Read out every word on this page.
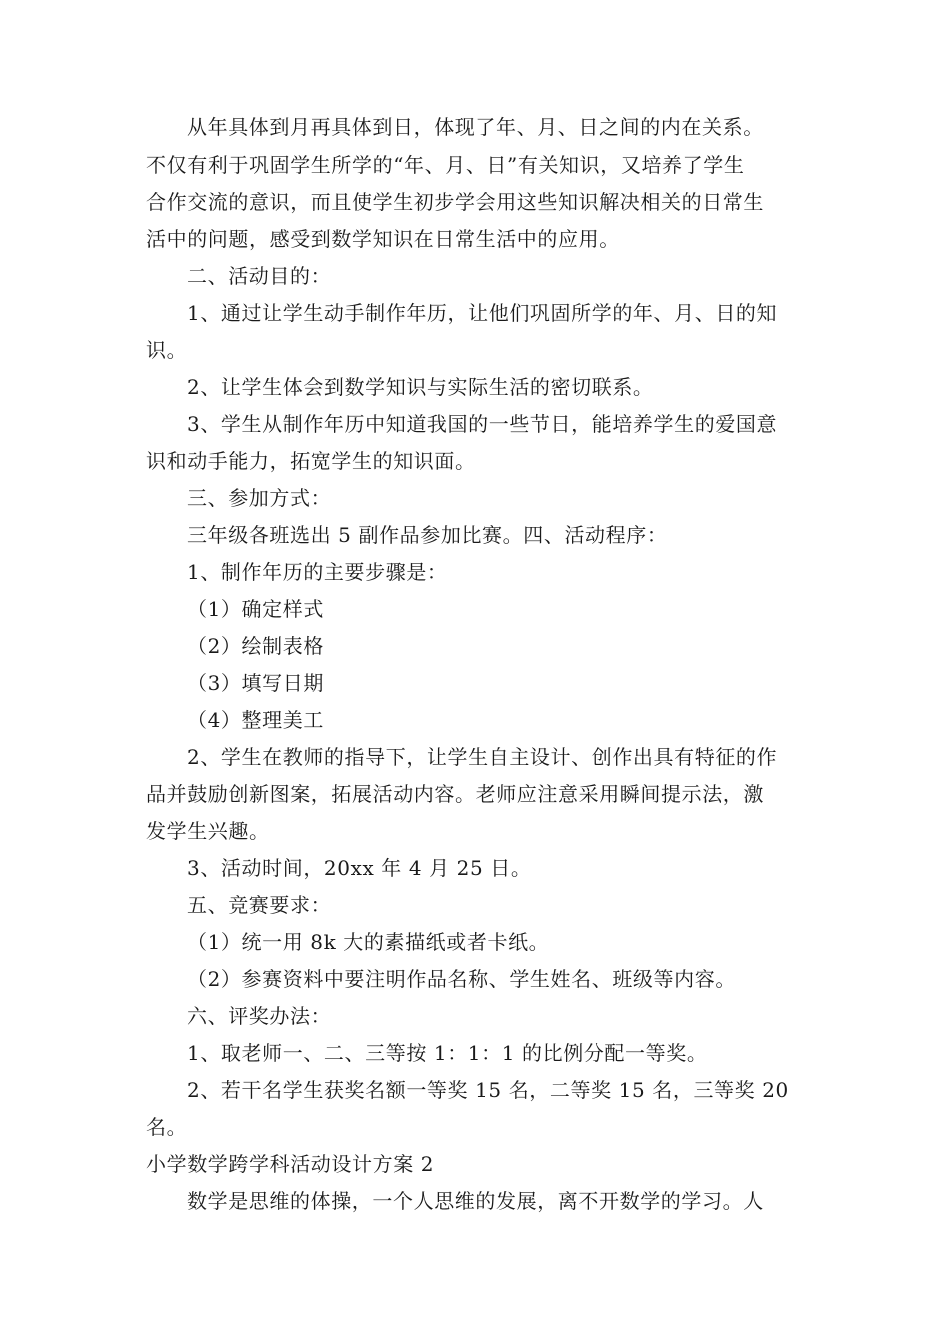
从年具体到月再具体到日，体现了年、月、日之间的内在关系。
不仅有利于巩固学生所学的“年、月、日”有关知识，又培养了学生
合作交流的意识，而且使学生初步学会用这些知识解决相关的日常生
活中的问题，感受到数学知识在日常生活中的应用。
二、活动目的：
1、通过让学生动手制作年历，让他们巩固所学的年、月、日的知
识。
2、让学生体会到数学知识与实际生活的密切联系。
3、学生从制作年历中知道我国的一些节日，能培养学生的爱国意
识和动手能力，拓宽学生的知识面。
三、参加方式：
三年级各班选出 5 副作品参加比赛。四、活动程序：
1、制作年历的主要步骤是：
（1）确定样式
（2）绘制表格
（3）填写日期
（4）整理美工
2、学生在教师的指导下，让学生自主设计、创作出具有特征的作
品并鼓励创新图案，拓展活动内容。老师应注意采用瞬间提示法，激
发学生兴趣。
3、活动时间，20xx 年 4 月 25 日。
五、竞赛要求：
（1）统一用 8k 大的素描纸或者卡纸。
（2）参赛资料中要注明作品名称、学生姓名、班级等内容。
六、评奖办法：
1、取老师一、二、三等按 1：1：1 的比例分配一等奖。
2、若干名学生获奖名额一等奖 15 名，二等奖 15 名，三等奖 20
名。
小学数学跨学科活动设计方案 2
数学是思维的体操，一个人思维的发展，离不开数学的学习。人
